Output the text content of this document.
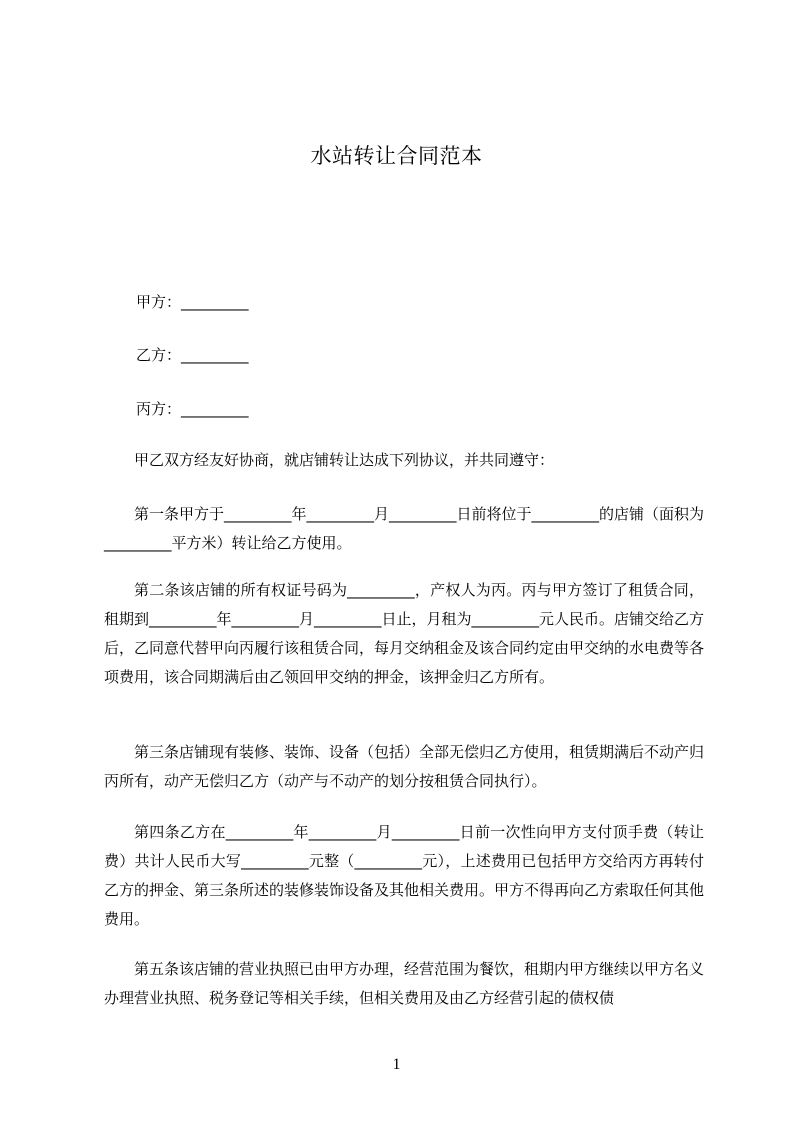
水站转让合同范本
甲方：_________
乙方：_________
丙方：_________

甲乙双方经友好协商，就店铺转让达成下列协议，并共同遵守：

第一条甲方于_________年_________月_________日前将位于_________的店铺（面积为_________平方米）转让给乙方使用。

第二条该店铺的所有权证号码为_________，产权人为丙。丙与甲方签订了租赁合同，租期到_________年_________月_________日止，月租为_________元人民币。店铺交给乙方后，乙同意代替甲向丙履行该租赁合同，每月交纳租金及该合同约定由甲交纳的水电费等各项费用，该合同期满后由乙领回甲交纳的押金，该押金归乙方所有。

第三条店铺现有装修、装饰、设备（包括）全部无偿归乙方使用，租赁期满后不动产归丙所有，动产无偿归乙方（动产与不动产的划分按租赁合同执行）。

第四条乙方在_________年_________月_________日前一次性向甲方支付顶手费（转让费）共计人民币大写_________元整（_________元），上述费用已包括甲方交给丙方再转付乙方的押金、第三条所述的装修装饰设备及其他相关费用。甲方不得再向乙方索取任何其他费用。

第五条该店铺的营业执照已由甲方办理，经营范围为餐饮，租期内甲方继续以甲方名义办理营业执照、税务登记等相关手续，但相关费用及由乙方经营引起的债权债

1
